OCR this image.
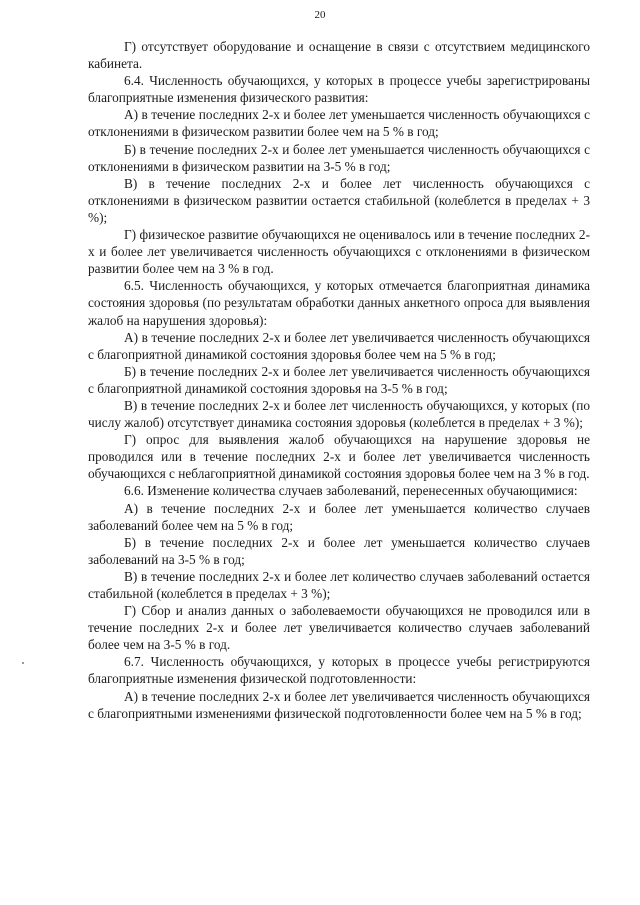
20

Г) отсутствует оборудование и оснащение в связи с отсутствием медицинского кабинета.

6.4. Численность обучающихся, у которых в процессе учебы зарегистрированы благоприятные изменения физического развития:

А) в течение последних 2-х и более лет уменьшается численность обучающихся с отклонениями в физическом развитии более чем на 5 % в год;

Б) в течение последних 2-х и более лет уменьшается численность обучающихся с отклонениями в физическом развитии на 3-5 % в год;

В) в течение последних 2-х и более лет численность обучающихся с отклонениями в физическом развитии остается стабильной (колеблется в пределах + 3 %);

Г) физическое развитие обучающихся не оценивалось или в течение последних 2-х и более лет увеличивается численность обучающихся с отклонениями в физическом развитии более чем на 3 % в год.

6.5. Численность обучающихся, у которых отмечается благоприятная динамика состояния здоровья (по результатам обработки данных анкетного опроса для выявления жалоб на нарушения здоровья):

А) в течение последних 2-х и более лет увеличивается численность обучающихся с благоприятной динамикой состояния здоровья более чем на 5 % в год;

Б) в течение последних 2-х и более лет увеличивается численность обучающихся с благоприятной динамикой состояния здоровья на 3-5 % в год;

В) в течение последних 2-х и более лет численность обучающихся, у которых (по числу жалоб) отсутствует динамика состояния здоровья (колеблется в пределах + 3 %);

Г) опрос для выявления жалоб обучающихся на нарушение здоровья не проводился или в течение последних 2-х и более лет увеличивается численность обучающихся с неблагоприятной динамикой состояния здоровья более чем на 3 % в год.

6.6. Изменение количества случаев заболеваний, перенесенных обучающимися:

А) в течение последних 2-х и более лет уменьшается количество случаев заболеваний более чем на 5 % в год;

Б) в течение последних 2-х и более лет уменьшается количество случаев заболеваний на 3-5 % в год;

В) в течение последних 2-х и более лет количество случаев заболеваний остается стабильной (колеблется в пределах + 3 %);

Г) Сбор и анализ данных о заболеваемости обучающихся не проводился или в течение последних 2-х и более лет увеличивается количество случаев заболеваний более чем на 3-5 % в год.

6.7. Численность обучающихся, у которых в процессе учебы регистрируются благоприятные изменения физической подготовленности:

А) в течение последних 2-х и более лет увеличивается численность обучающихся с благоприятными изменениями физической подготовленности более чем на 5 % в год;
